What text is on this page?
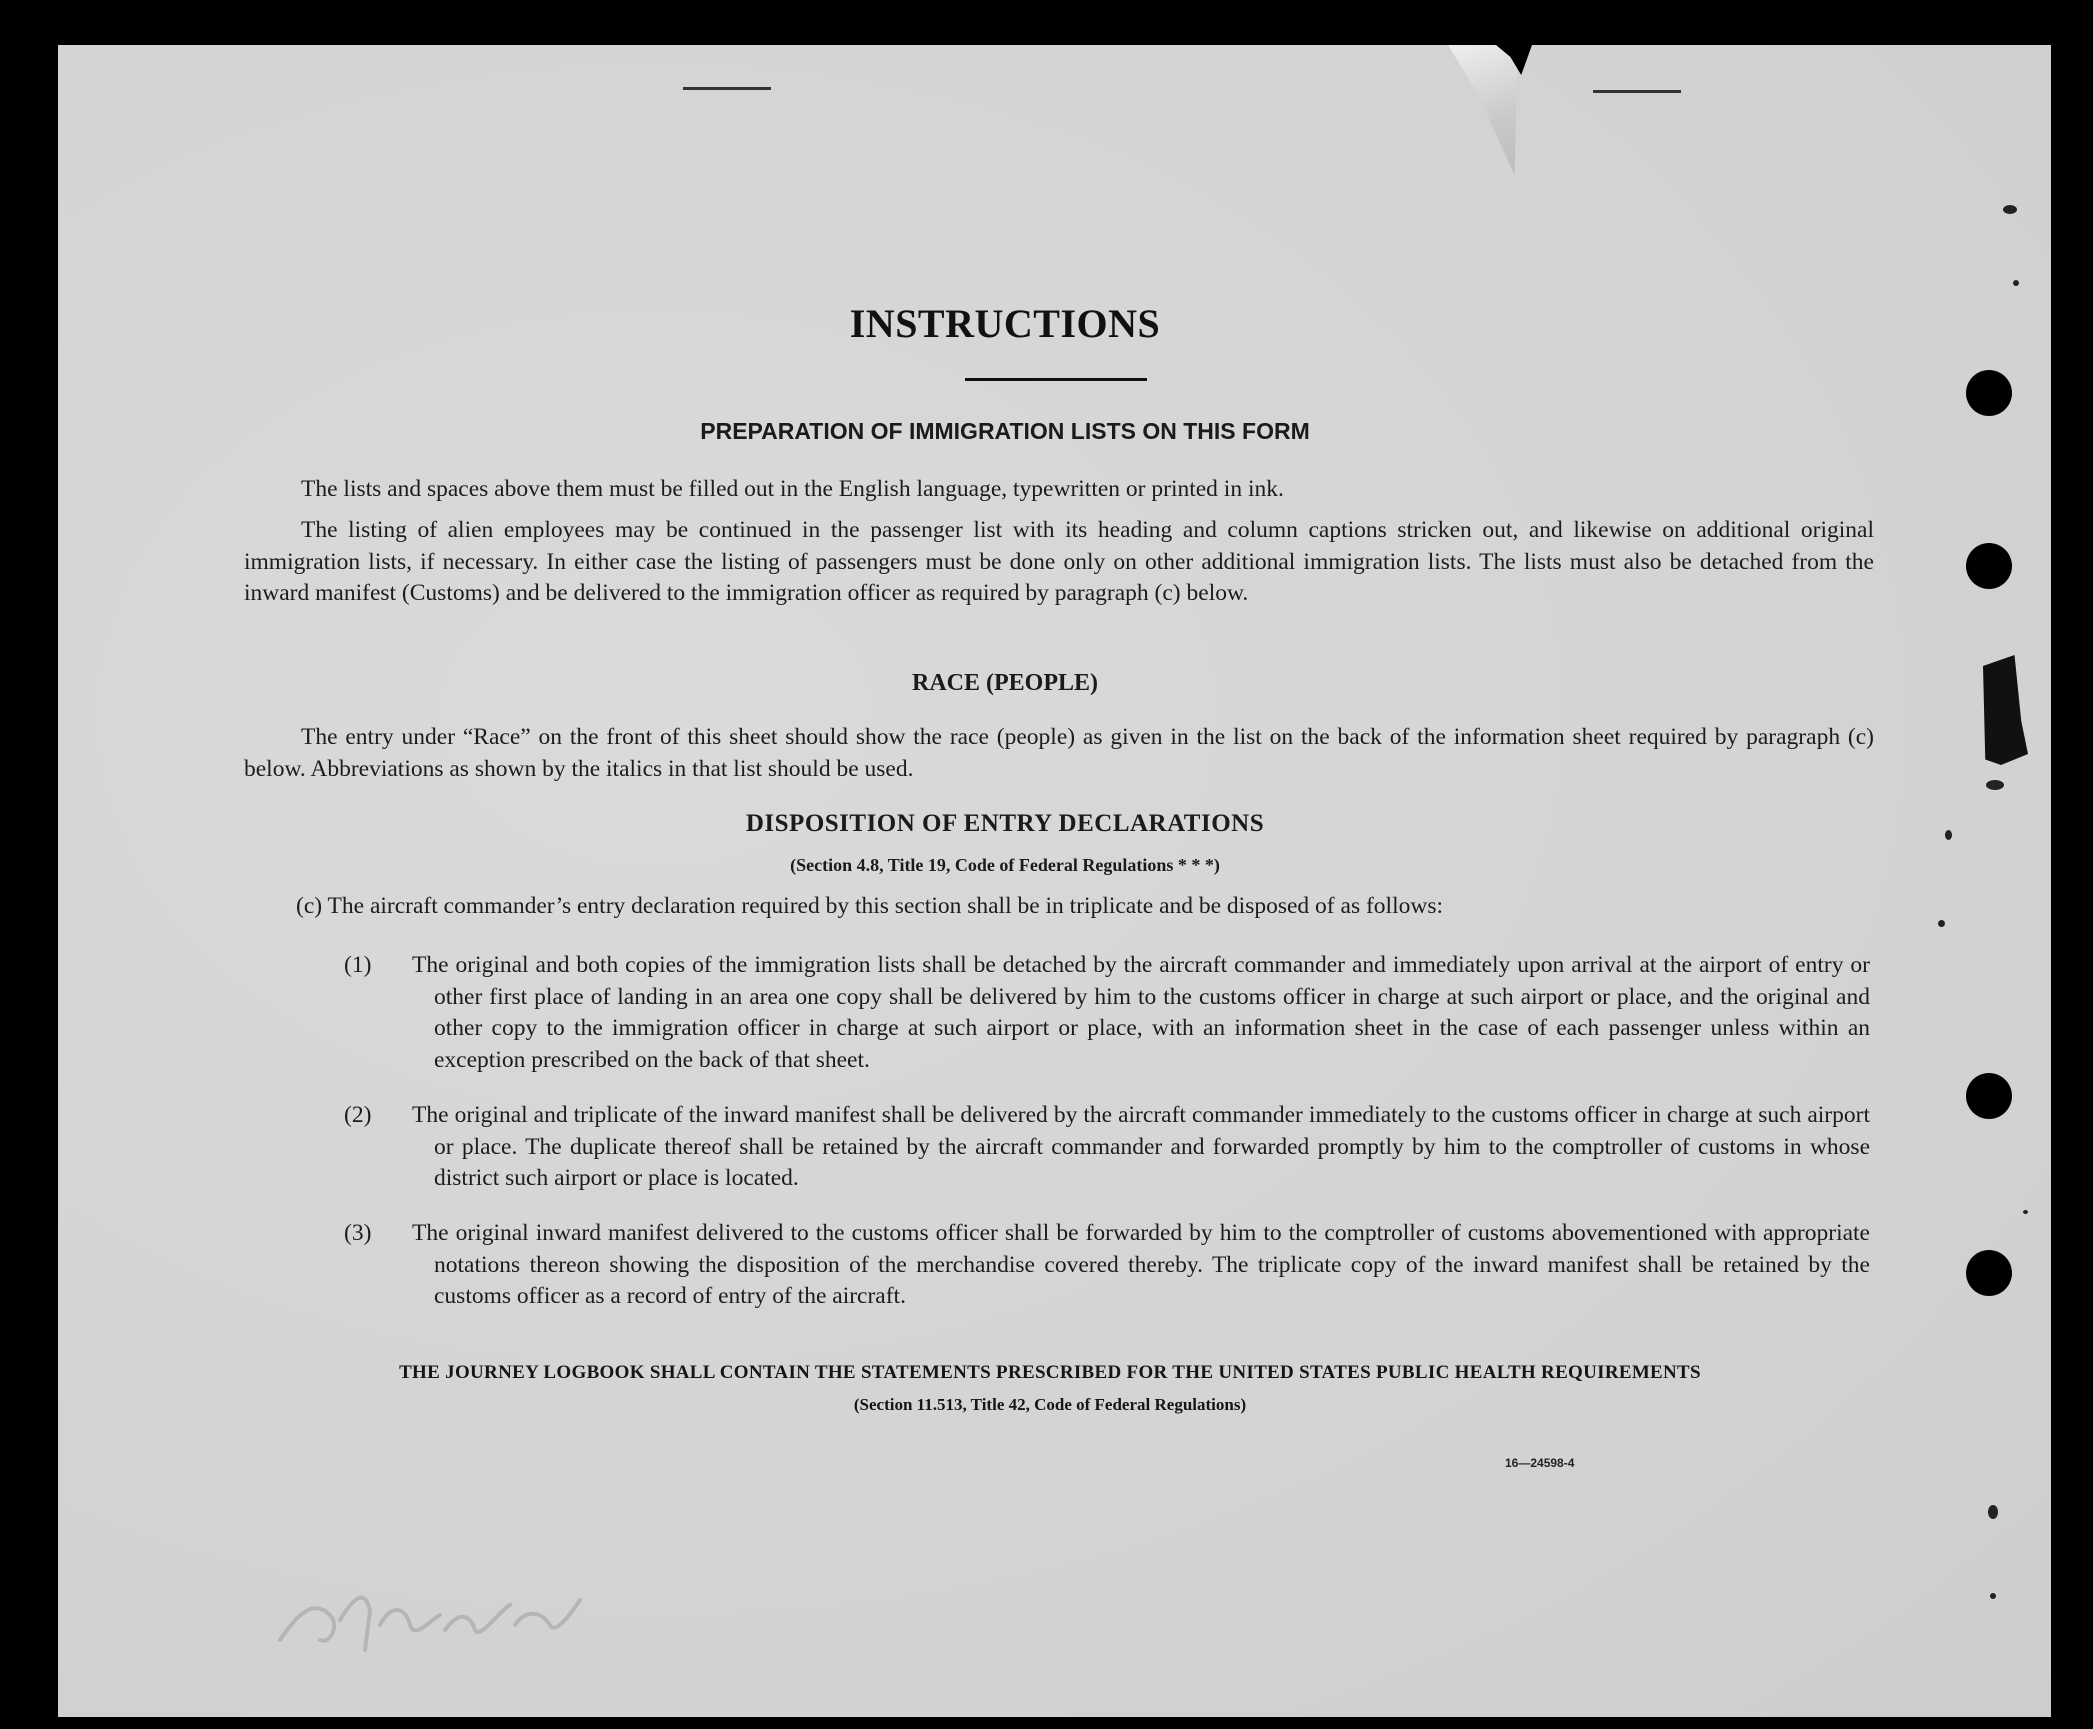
INSTRUCTIONS
PREPARATION OF IMMIGRATION LISTS ON THIS FORM
The lists and spaces above them must be filled out in the English language, typewritten or printed in ink.
The listing of alien employees may be continued in the passenger list with its heading and column captions stricken out, and likewise on additional original immigration lists, if necessary. In either case the listing of passengers must be done only on other additional immigration lists. The lists must also be detached from the inward manifest (Customs) and be delivered to the immigration officer as required by paragraph (c) below.
RACE (PEOPLE)
The entry under “Race” on the front of this sheet should show the race (people) as given in the list on the back of the information sheet required by paragraph (c) below. Abbreviations as shown by the italics in that list should be used.
DISPOSITION OF ENTRY DECLARATIONS
(Section 4.8, Title 19, Code of Federal Regulations * * *)
(c) The aircraft commander’s entry declaration required by this section shall be in triplicate and be disposed of as follows:
(1) The original and both copies of the immigration lists shall be detached by the aircraft commander and immediately upon arrival at the airport of entry or other first place of landing in an area one copy shall be delivered by him to the customs officer in charge at such airport or place, and the original and other copy to the immigration officer in charge at such airport or place, with an information sheet in the case of each passenger unless within an exception prescribed on the back of that sheet.
(2) The original and triplicate of the inward manifest shall be delivered by the aircraft commander immediately to the customs officer in charge at such airport or place. The duplicate thereof shall be retained by the aircraft commander and forwarded promptly by him to the comptroller of customs in whose district such airport or place is located.
(3) The original inward manifest delivered to the customs officer shall be forwarded by him to the comptroller of customs abovementioned with appropriate notations thereon showing the disposition of the merchandise covered thereby. The triplicate copy of the inward manifest shall be retained by the customs officer as a record of entry of the aircraft.
THE JOURNEY LOGBOOK SHALL CONTAIN THE STATEMENTS PRESCRIBED FOR THE UNITED STATES PUBLIC HEALTH REQUIREMENTS
(Section 11.513, Title 42, Code of Federal Regulations)
16—24598‑4
